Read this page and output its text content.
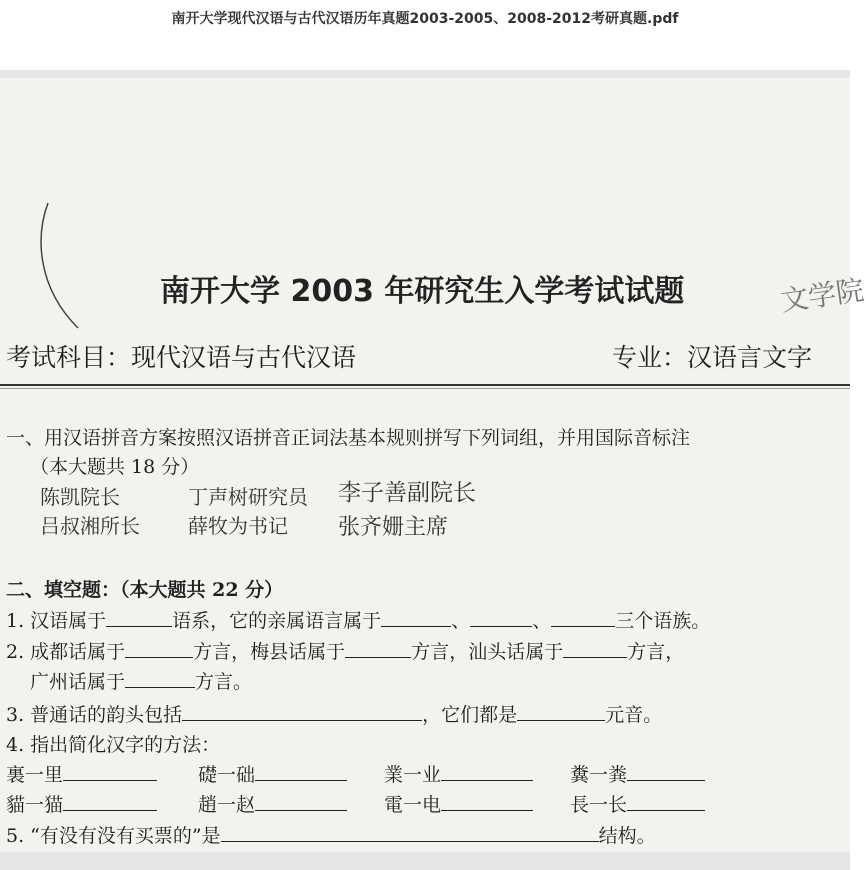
南开大学现代汉语与古代汉语历年真题2003-2005、2008-2012考研真题.pdf
南开大学 2003 年研究生入学考试试题	文学院
考试科目：现代汉语与古代汉语	专业：汉语言文字
一、用汉语拼音方案按照汉语拼音正词法基本规则拼写下列词组，并用国际音标注
（本大题共 18 分）
陈凯院长	丁声树研究员 李子善副院长
吕叔湘所长 薛牧为书记 张齐姗主席
二、填空题：（本大题共 22 分）
1. 汉语属于	语系，它的亲属语言属于	、	、	三个语族。
2. 成都话属于	方言，梅县话属于	方言，汕头话属于	方言，
广州话属于	方言。
3. 普通话的韵头包括	，它们都是	元音。
4. 指出简化汉字的方法：
裏一里	礎一础	業一业	糞一粪
貓一猫	趙一赵	電一电	長一长
5. “有没有没有买票的”是	结构。
